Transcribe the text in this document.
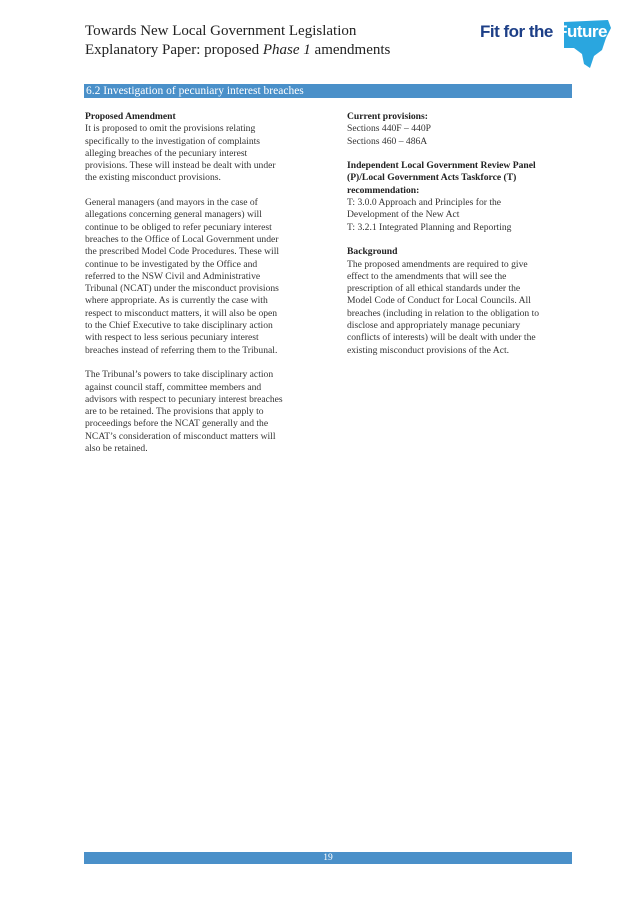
Towards New Local Government Legislation
Explanatory Paper: proposed Phase 1 amendments
Fit for the Future
6.2 Investigation of pecuniary interest breaches
Proposed Amendment

It is proposed to omit the provisions relating
specifically to the investigation of complaints
alleging breaches of the pecuniary interest
provisions. These will instead be dealt with under
the existing misconduct provisions.

General managers (and mayors in the case of
allegations concerning general managers) will
continue to be obliged to refer pecuniary interest
breaches to the Office of Local Government under
the prescribed Model Code Procedures. These will
continue to be investigated by the Office and
referred to the NSW Civil and Administrative
Tribunal (NCAT) under the misconduct provisions
where appropriate. As is currently the case with
respect to misconduct matters, it will also be open
to the Chief Executive to take disciplinary action
with respect to less serious pecuniary interest
breaches instead of referring them to the Tribunal.

The Tribunal’s powers to take disciplinary action
against council staff, committee members and
advisors with respect to pecuniary interest breaches
are to be retained. The provisions that apply to
proceedings before the NCAT generally and the
NCAT’s consideration of misconduct matters will
also be retained.

Current provisions:

Sections 440F – 440P
Sections 460 – 486A

Independent Local Government Review Panel
(P)/Local Government Acts Taskforce (T)
recommendation:

T: 3.0.0 Approach and Principles for the
Development of the New Act
T: 3.2.1 Integrated Planning and Reporting

Background

The proposed amendments are required to give
effect to the amendments that will see the
prescription of all ethical standards under the
Model Code of Conduct for Local Councils. All
breaches (including in relation to the obligation to
disclose and appropriately manage pecuniary
conflicts of interests) will be dealt with under the
existing misconduct provisions of the Act.

19
